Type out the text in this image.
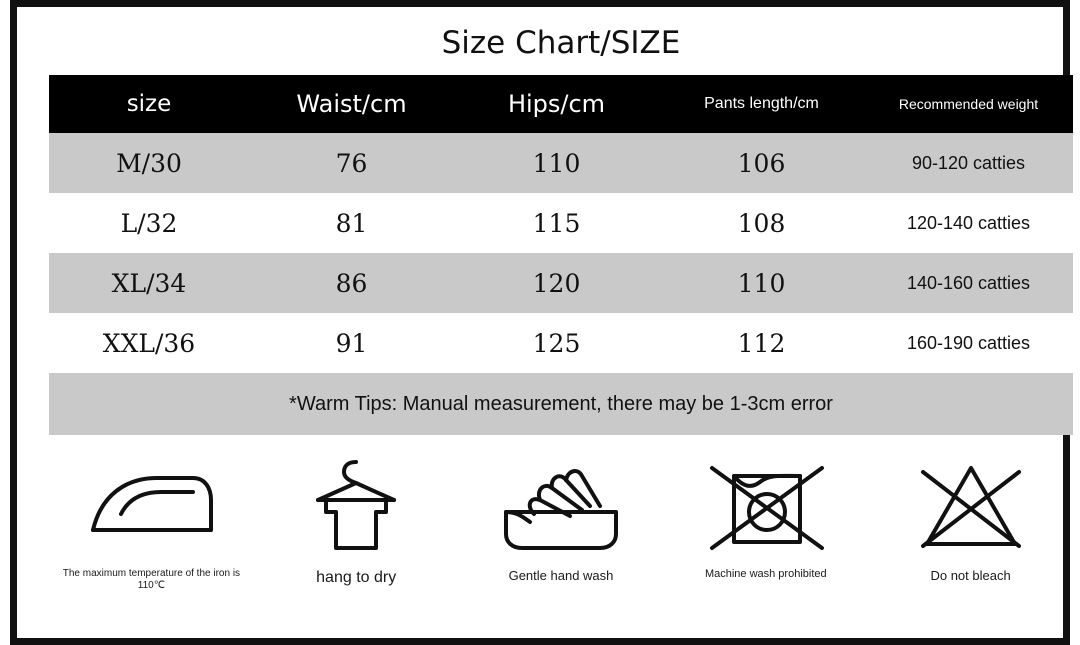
Size Chart/SIZE
size	Waist/cm	Hips/cm	Pants length/cm	Recommended weight
M/30	76	110	106	90-120 catties
L/32	81	115	108	120-140 catties
XL/34	86	120	110	140-160 catties
XXL/36	91	125	112	160-190 catties
*Warm Tips: Manual measurement, there may be 1-3cm error				
The maximum temperature of the iron is 110℃	hang to dry	Gentle hand wash	Machine wash prohibited	Do not bleach
